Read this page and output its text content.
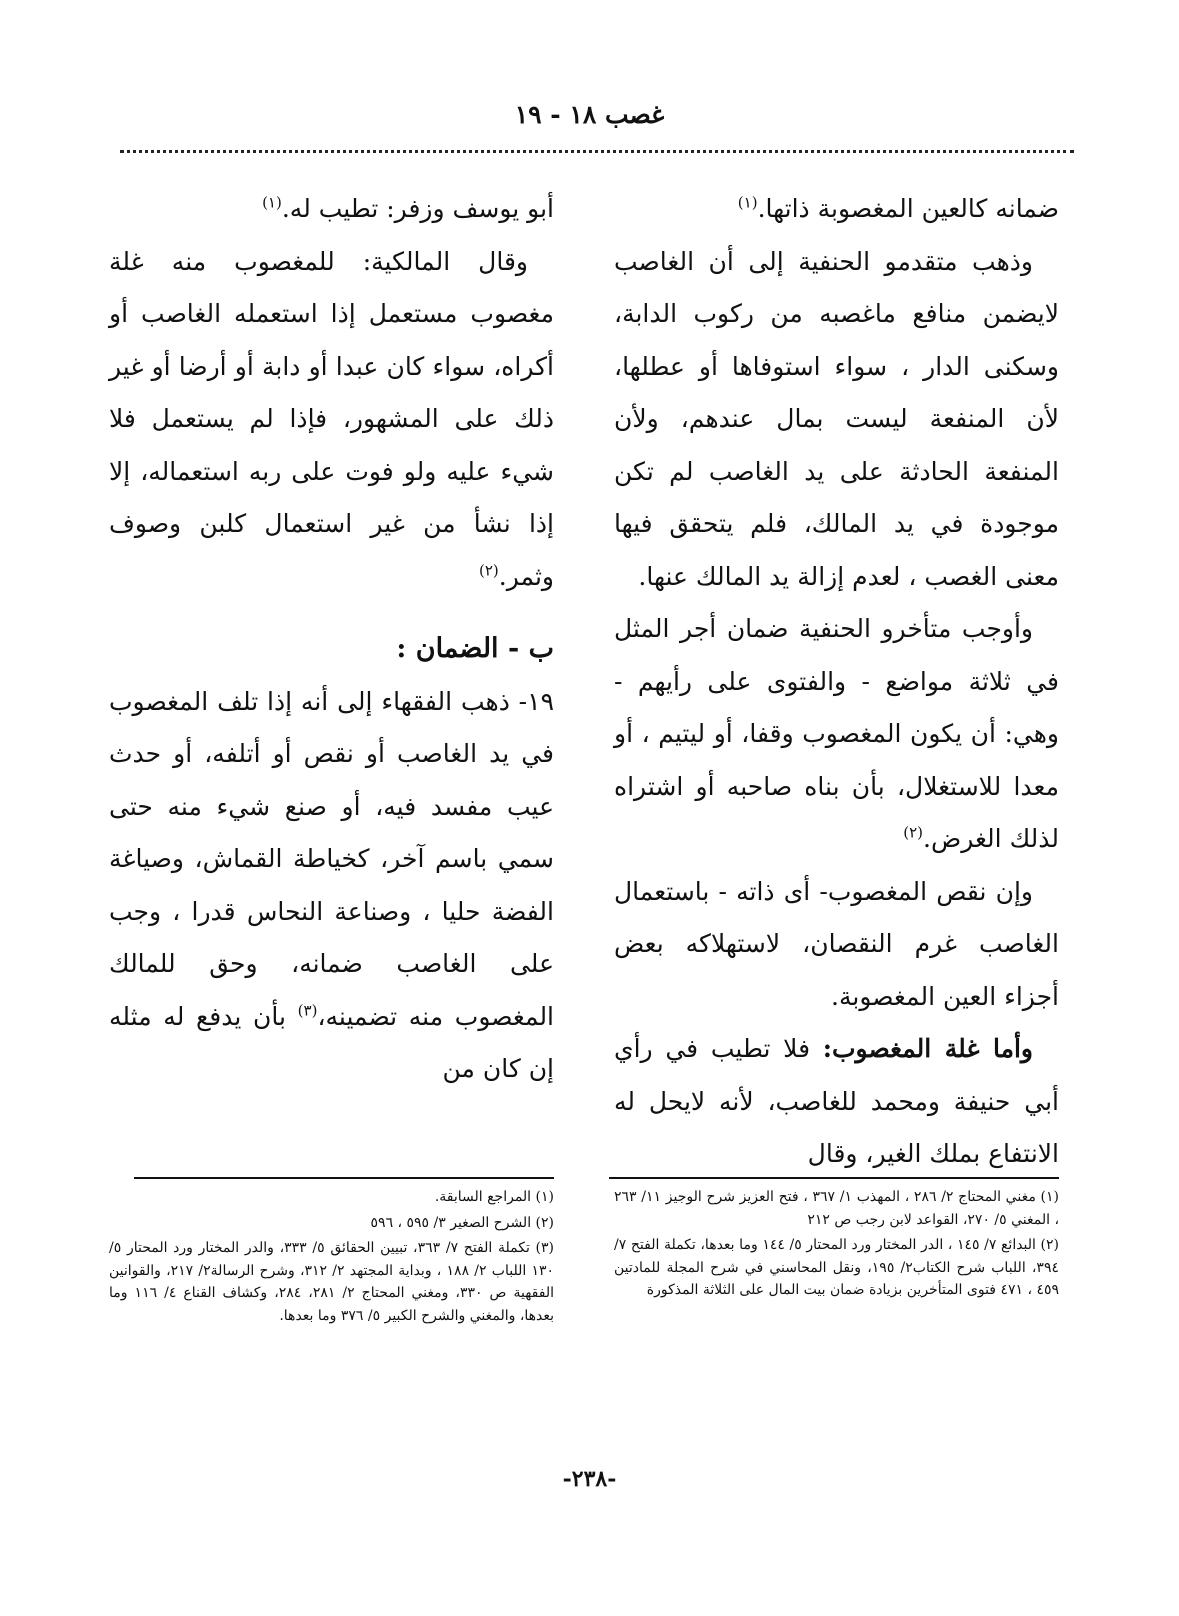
غصب ١٨ - ١٩

ضمانه كالعين المغصوبة ذاتها.$^{(١)}$

وذهب متقدمو الحنفية إلى أن الغاصب لايضمن منافع ماغصبه من ركوب الدابة، وسكنى الدار ، سواء استوفاها أو عطلها، لأن المنفعة ليست بمال عندهم، ولأن المنفعة الحادثة على يد الغاصب لم تكن موجودة في يد المالك، فلم يتحقق فيها معنى الغصب ، لعدم إزالة يد المالك عنها.

وأوجب متأخرو الحنفية ضمان أجر المثل في ثلاثة مواضع - والفتوى على رأيهم - وهي: أن يكون المغصوب وقفا، أو ليتيم ، أو معدا للاستغلال، بأن بناه صاحبه أو اشتراه لذلك الغرض.$^{(٢)}$

وإن نقص المغصوب- أى ذاته - باستعمال الغاصب غرم النقصان، لاستهلاكه بعض أجزاء العين المغصوبة.

وأما غلة المغصوب: فلا تطيب في رأي أبي حنيفة ومحمد للغاصب، لأنه لايحل له الانتفاع بملك الغير، وقال

أبو يوسف وزفر: تطيب له.$^{(١)}$

وقال المالكية: للمغصوب منه غلة مغصوب مستعمل إذا استعمله الغاصب أو أكراه، سواء كان عبدا أو دابة أو أرضا أو غير ذلك على المشهور، فإذا لم يستعمل فلا شيء عليه ولو فوت على ربه استعماله، إلا إذا نشأ من غير استعمال كلبن وصوف وثمر.$^{(٢)}$

ب - الضمان :

١٩- ذهب الفقهاء إلى أنه إذا تلف المغصوب في يد الغاصب أو نقص أو أتلفه، أو حدث عيب مفسد فيه، أو صنع شيء منه حتى سمي باسم آخر، كخياطة القماش، وصياغة الفضة حليا ، وصناعة النحاس قدرا ، وجب على الغاصب ضمانه، وحق للمالك المغصوب منه تضمينه،$^{(٣)}$ بأن يدفع له مثله إن كان من

(١) مغني المحتاج ٢/ ٢٨٦ ، المهذب ١/ ٣٦٧ ، فتح العزيز شرح الوجيز ١١/ ٢٦٣ ، المغني ٥/ ٢٧٠، القواعد لابن رجب ص ٢١٢

(٢) البدائع ٧/ ١٤٥ ، الدر المختار ورد المحتار ٥/ ١٤٤ وما بعدها، تكملة الفتح ٧/ ٣٩٤، اللباب شرح الكتاب٢/ ١٩٥، ونقل المحاسني في شرح المجلة للمادتين ٤٥٩ ، ٤٧١ فتوى المتأخرين بزيادة ضمان بيت المال على الثلاثة المذكورة

(١) المراجع السابقة.

(٢) الشرح الصغير ٣/ ٥٩٥ ، ٥٩٦

(٣) تكملة الفتح ٧/ ٣٦٣، تبيين الحقائق ٥/ ٣٣٣، والدر المختار ورد المحتار ٥/ ١٣٠ اللباب ٢/ ١٨٨ ، وبداية المجتهد ٢/ ٣١٢، وشرح الرسالة٢/ ٢١٧، والقوانين الفقهية ص ٣٣٠، ومغني المحتاج ٢/ ٢٨١، ٢٨٤، وكشاف القناع ٤/ ١١٦ وما بعدها، والمغني والشرح الكبير ٥/ ٣٧٦ وما بعدها.

-٢٣٨-
